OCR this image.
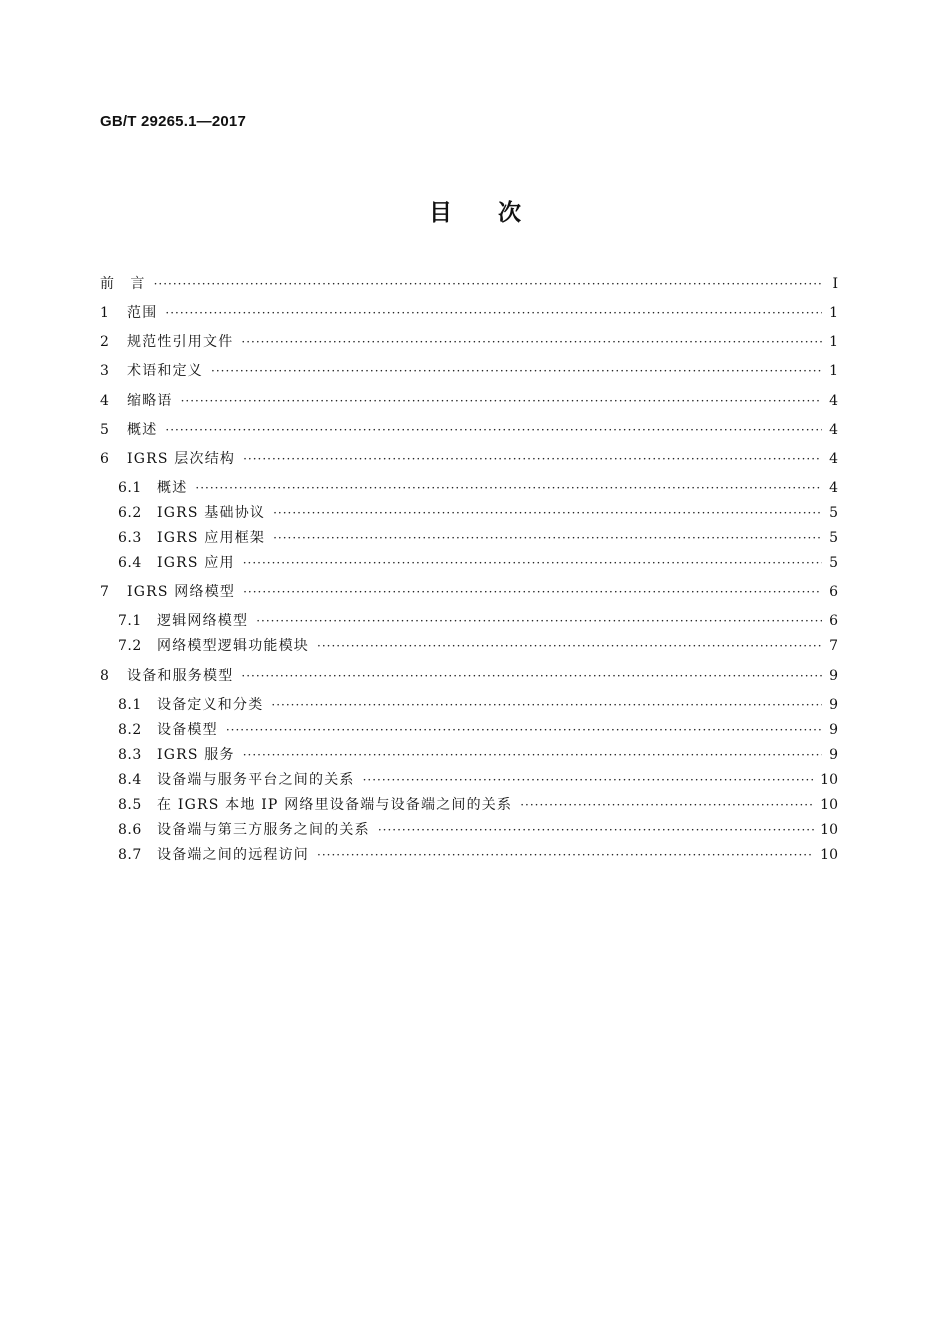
GB/T 29265.1—2017
目 次
前　言 ·····	Ⅰ
1	范围 ·····	1
2	规范性引用文件 ·····	1
3	术语和定义 ·····	1
4	缩略语 ·····	4
5	概述 ·····	4
6	IGRS 层次结构 ·····	4
6.1	概述 ·····	4
6.2	IGRS 基础协议 ·····	5
6.3	IGRS 应用框架 ·····	5
6.4	IGRS 应用 ·····	5
7	IGRS 网络模型 ·····	6
7.1	逻辑网络模型 ·····	6
7.2	网络模型逻辑功能模块 ·····	7
8	设备和服务模型 ·····	9
8.1	设备定义和分类 ·····	9
8.2	设备模型 ·····	9
8.3	IGRS 服务 ·····	9
8.4	设备端与服务平台之间的关系 ·····	10
8.5	在 IGRS 本地 IP 网络里设备端与设备端之间的关系 ·····	10
8.6	设备端与第三方服务之间的关系 ·····	10
8.7	设备端之间的远程访问 ·····	10
